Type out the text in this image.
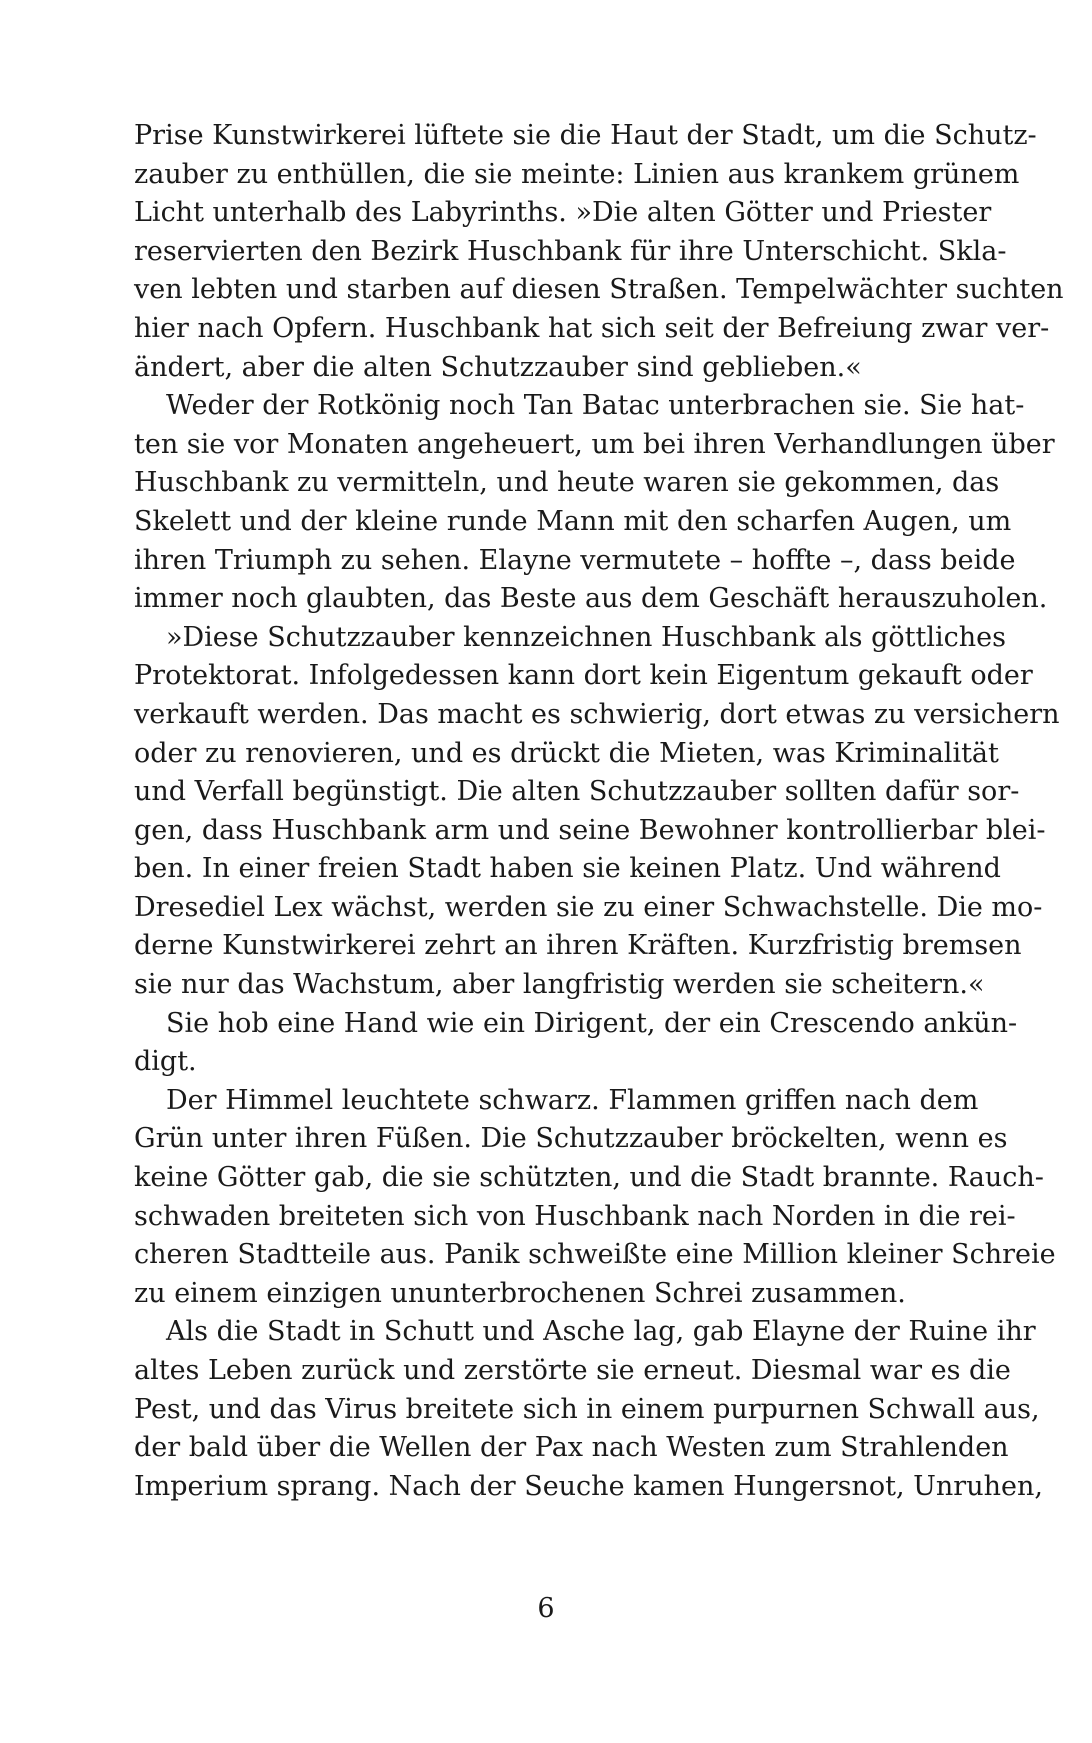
Prise Kunstwirkerei lüftete sie die Haut der Stadt, um die Schutz-
zauber zu enthüllen, die sie meinte: Linien aus krankem grünem
Licht unterhalb des Labyrinths. »Die alten Götter und Priester
reservierten den Bezirk Huschbank für ihre Unterschicht. Skla-
ven lebten und starben auf diesen Straßen. Tempelwächter suchten
hier nach Opfern. Huschbank hat sich seit der Befreiung zwar ver-
ändert, aber die alten Schutzzauber sind geblieben.«
Weder der Rotkönig noch Tan Batac unterbrachen sie. Sie hat-
ten sie vor Monaten angeheuert, um bei ihren Verhandlungen über
Huschbank zu vermitteln, und heute waren sie gekommen, das
Skelett und der kleine runde Mann mit den scharfen Augen, um
ihren Triumph zu sehen. Elayne vermutete – hoffte –, dass beide
immer noch glaubten, das Beste aus dem Geschäft herauszuholen.
»Diese Schutzzauber kennzeichnen Huschbank als göttliches
Protektorat. Infolgedessen kann dort kein Eigentum gekauft oder
verkauft werden. Das macht es schwierig, dort etwas zu versichern
oder zu renovieren, und es drückt die Mieten, was Kriminalität
und Verfall begünstigt. Die alten Schutzzauber sollten dafür sor-
gen, dass Huschbank arm und seine Bewohner kontrollierbar blei-
ben. In einer freien Stadt haben sie keinen Platz. Und während
Dresediel Lex wächst, werden sie zu einer Schwachstelle. Die mo-
derne Kunstwirkerei zehrt an ihren Kräften. Kurzfristig bremsen
sie nur das Wachstum, aber langfristig werden sie scheitern.«
Sie hob eine Hand wie ein Dirigent, der ein Crescendo ankün-
digt.
Der Himmel leuchtete schwarz. Flammen griffen nach dem
Grün unter ihren Füßen. Die Schutzzauber bröckelten, wenn es
keine Götter gab, die sie schützten, und die Stadt brannte. Rauch-
schwaden breiteten sich von Huschbank nach Norden in die rei-
cheren Stadtteile aus. Panik schweißte eine Million kleiner Schreie
zu einem einzigen ununterbrochenen Schrei zusammen.
Als die Stadt in Schutt und Asche lag, gab Elayne der Ruine ihr
altes Leben zurück und zerstörte sie erneut. Diesmal war es die
Pest, und das Virus breitete sich in einem purpurnen Schwall aus,
der bald über die Wellen der Pax nach Westen zum Strahlenden
Imperium sprang. Nach der Seuche kamen Hungersnot, Unruhen,
6
